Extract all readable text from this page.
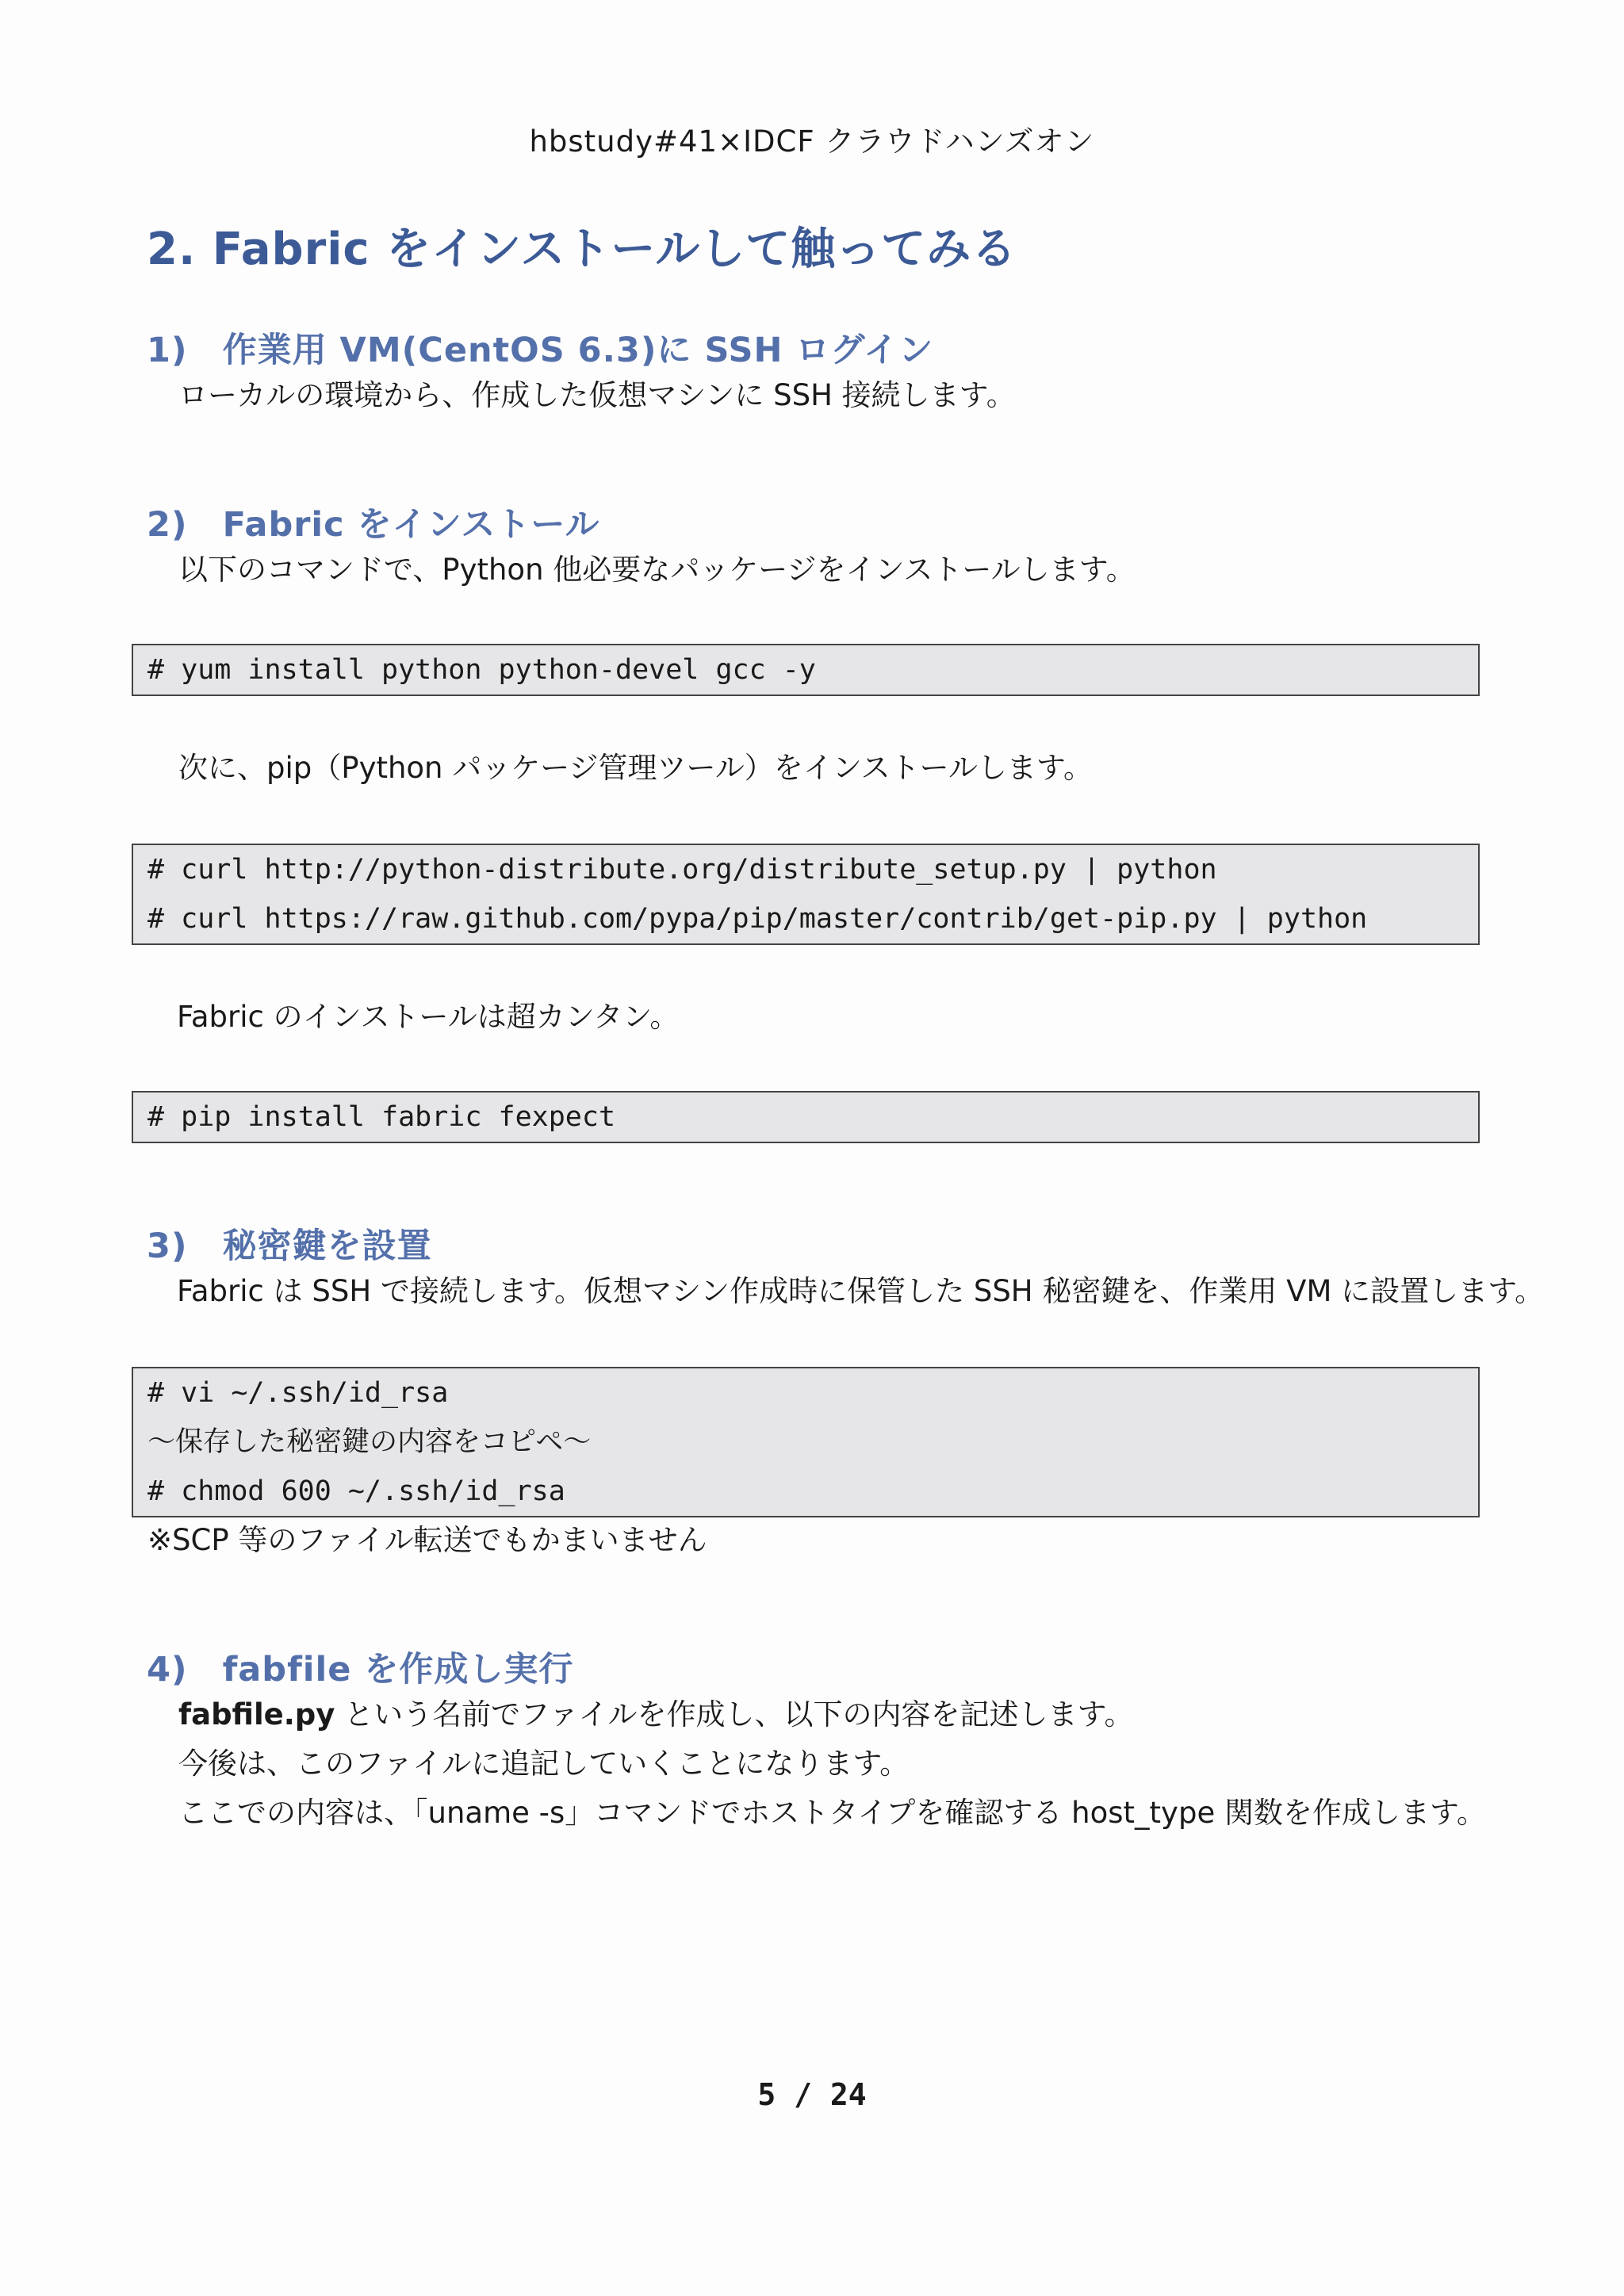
hbstudy#41×IDCF クラウドハンズオン
2. Fabric をインストールして触ってみる
1)　作業用 VM(CentOS 6.3)に SSH ログイン
ローカルの環境から、作成した仮想マシンに SSH 接続します。
2)　Fabric をインストール
以下のコマンドで、Python 他必要なパッケージをインストールします。
# yum install python python-devel gcc -y
次に、pip（Python パッケージ管理ツール）をインストールします。
# curl http://python-distribute.org/distribute_setup.py | python
# curl https://raw.github.com/pypa/pip/master/contrib/get-pip.py | python
Fabric のインストールは超カンタン。
# pip install fabric fexpect
3)　秘密鍵を設置
Fabric は SSH で接続します。仮想マシン作成時に保管した SSH 秘密鍵を、作業用 VM に設置します。
# vi ~/.ssh/id_rsa
～保存した秘密鍵の内容をコピペ～
# chmod 600 ~/.ssh/id_rsa
※SCP 等のファイル転送でもかまいません
4)　fabfile を作成し実行
fabfile.py という名前でファイルを作成し、以下の内容を記述します。
今後は、このファイルに追記していくことになります。
ここでの内容は、「uname -s」コマンドでホストタイプを確認する host_type 関数を作成します。
5 / 24
